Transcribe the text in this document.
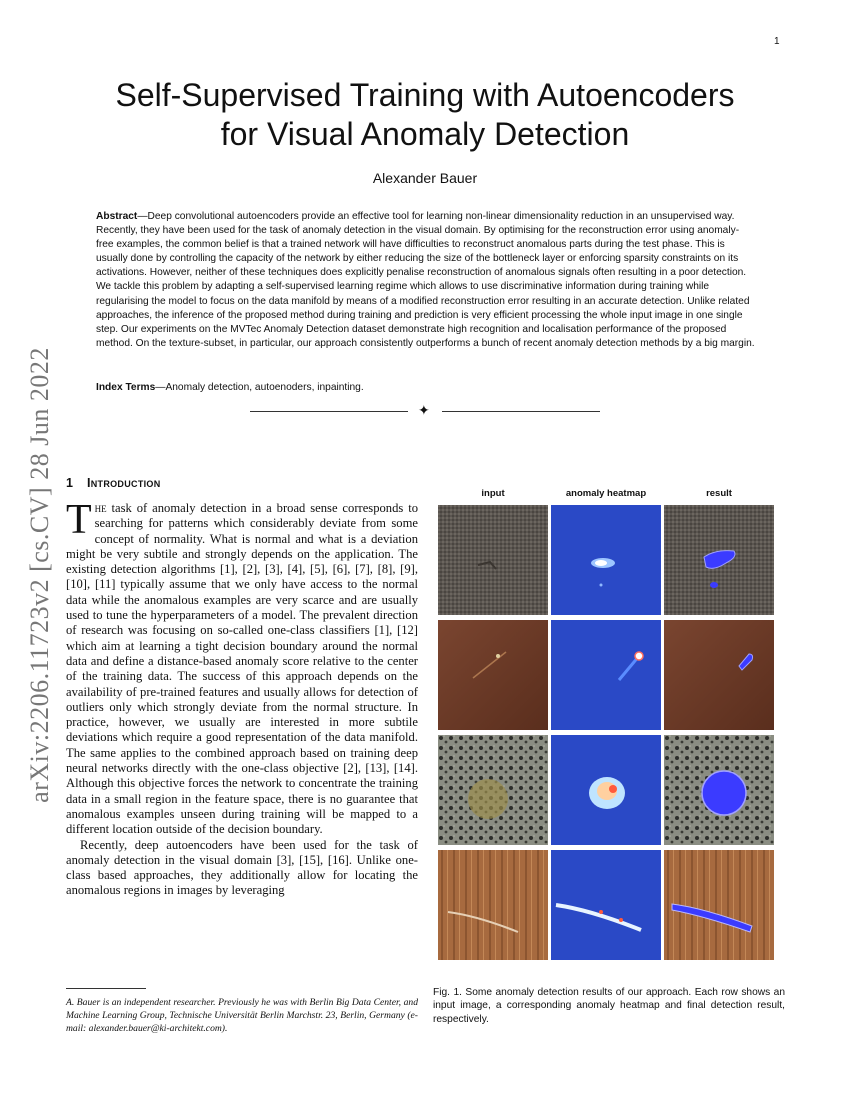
1
arXiv:2206.11723v2 [cs.CV] 28 Jun 2022
Self-Supervised Training with Autoencoders
for Visual Anomaly Detection
Alexander Bauer
Abstract—Deep convolutional autoencoders provide an effective tool for learning non-linear dimensionality reduction in an unsupervised way. Recently, they have been used for the task of anomaly detection in the visual domain. By optimising for the reconstruction error using anomaly-free examples, the common belief is that a trained network will have difficulties to reconstruct anomalous parts during the test phase. This is usually done by controlling the capacity of the network by either reducing the size of the bottleneck layer or enforcing sparsity constraints on its activations. However, neither of these techniques does explicitly penalise reconstruction of anomalous signals often resulting in a poor detection. We tackle this problem by adapting a self-supervised learning regime which allows to use discriminative information during training while regularising the model to focus on the data manifold by means of a modified reconstruction error resulting in an accurate detection. Unlike related approaches, the inference of the proposed method during training and prediction is very efficient processing the whole input image in one single step. Our experiments on the MVTec Anomaly Detection dataset demonstrate high recognition and localisation performance of the proposed method. On the texture-subset, in particular, our approach consistently outperforms a bunch of recent anomaly detection methods by a big margin.
Index Terms—Anomaly detection, autoenoders, inpainting.
✦
1 Introduction

The task of anomaly detection in a broad sense corresponds to searching for patterns which considerably deviate from some concept of normality. What is normal and what is a deviation might be very subtile and strongly depends on the application. The existing detection algorithms [1], [2], [3], [4], [5], [6], [7], [8], [9], [10], [11] typically assume that we only have access to the normal data while the anomalous examples are very scarce and are usually used to tune the hyperparameters of a model. The prevalent direction of research was focusing on so-called one-class classifiers [1], [12] which aim at learning a tight decision boundary around the normal data and define a distance-based anomaly score relative to the center of the training data. The success of this approach depends on the availability of pre-trained features and usually allows for detection of outliers only which strongly deviate from the normal structure. In practice, however, we usually are interested in more subtile deviations which require a good representation of the data manifold. The same applies to the combined approach based on training deep neural networks directly with the one-class objective [2], [13], [14]. Although this objective forces the network to concentrate the training data in a small region in the feature space, there is no guarantee that anomalous examples unseen during training will be mapped to a different location outside of the decision boundary.

Recently, deep autoencoders have been used for the task of anomaly detection in the visual domain [3], [15], [16]. Unlike one-class based approaches, they additionally allow for locating the anomalous regions in images by leveraging

A. Bauer is an independent researcher. Previously he was with Berlin Big Data Center, and Machine Learning Group, Technische Universität Berlin Marchstr. 23, Berlin, Germany (e-mail: alexander.bauer@ki-architekt.com).
input	anomaly heatmap	result
Fig. 1. Some anomaly detection results of our approach. Each row shows an input image, a corresponding anomaly heatmap and final detection result, respectively.
